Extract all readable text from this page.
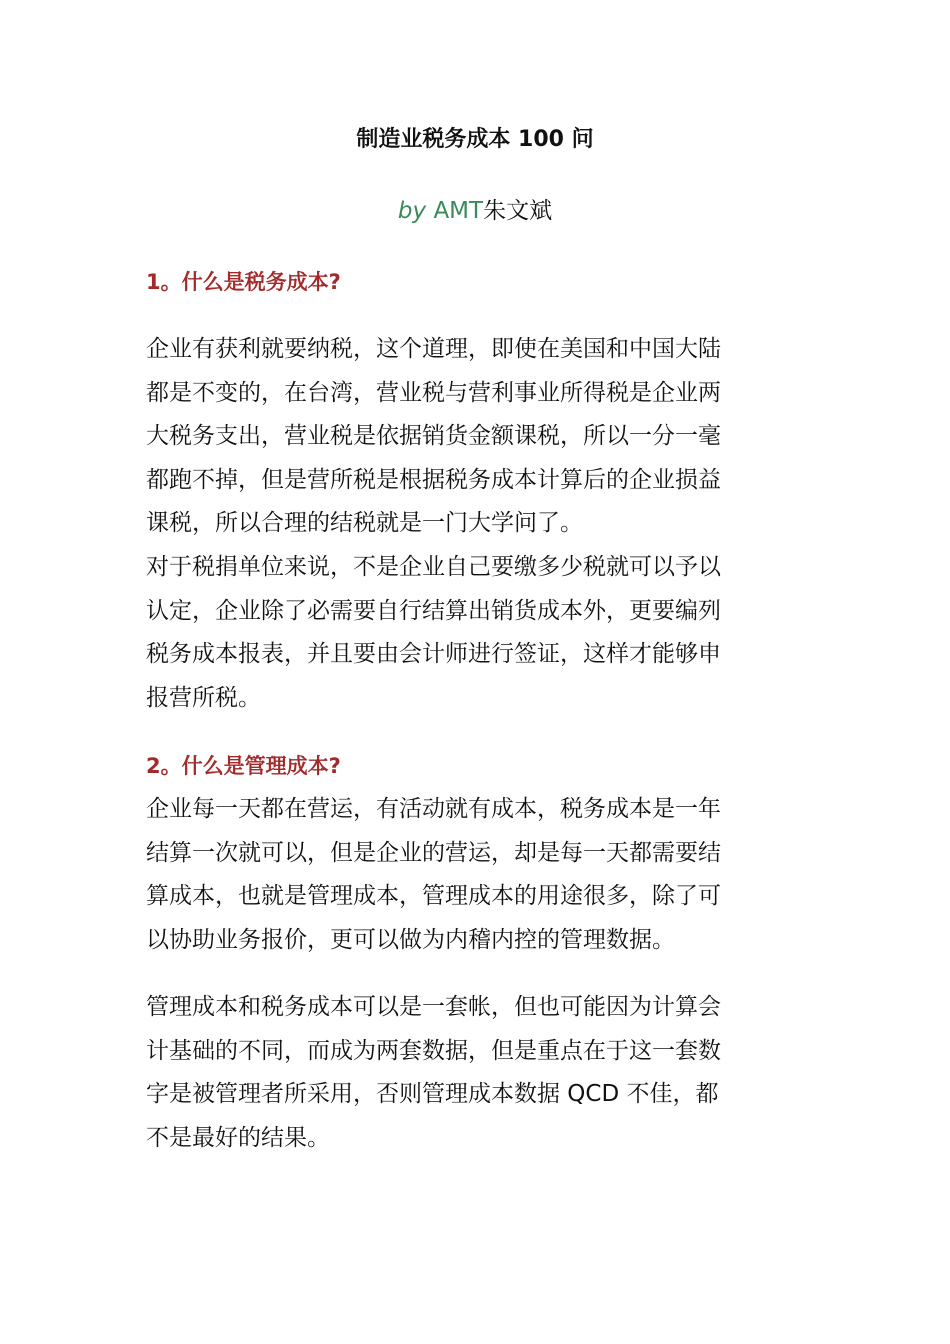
制造业税务成本 100 问
by AMT朱文斌
1。什么是税务成本?
企业有获利就要纳税，这个道理，即使在美国和中国大陆
都是不变的，在台湾，营业税与营利事业所得税是企业两
大税务支出，营业税是依据销货金额课税，所以一分一毫
都跑不掉，但是营所税是根据税务成本计算后的企业损益
课税，所以合理的结税就是一门大学问了。
对于税捐单位来说，不是企业自己要缴多少税就可以予以
认定，企业除了必需要自行结算出销货成本外，更要编列
税务成本报表，并且要由会计师进行签证，这样才能够申
报营所税。
2。什么是管理成本?
企业每一天都在营运，有活动就有成本，税务成本是一年
结算一次就可以，但是企业的营运，却是每一天都需要结
算成本，也就是管理成本，管理成本的用途很多，除了可
以协助业务报价，更可以做为内稽内控的管理数据。
管理成本和税务成本可以是一套帐，但也可能因为计算会
计基础的不同，而成为两套数据，但是重点在于这一套数
字是被管理者所采用，否则管理成本数据 QCD 不佳，都
不是最好的结果。
